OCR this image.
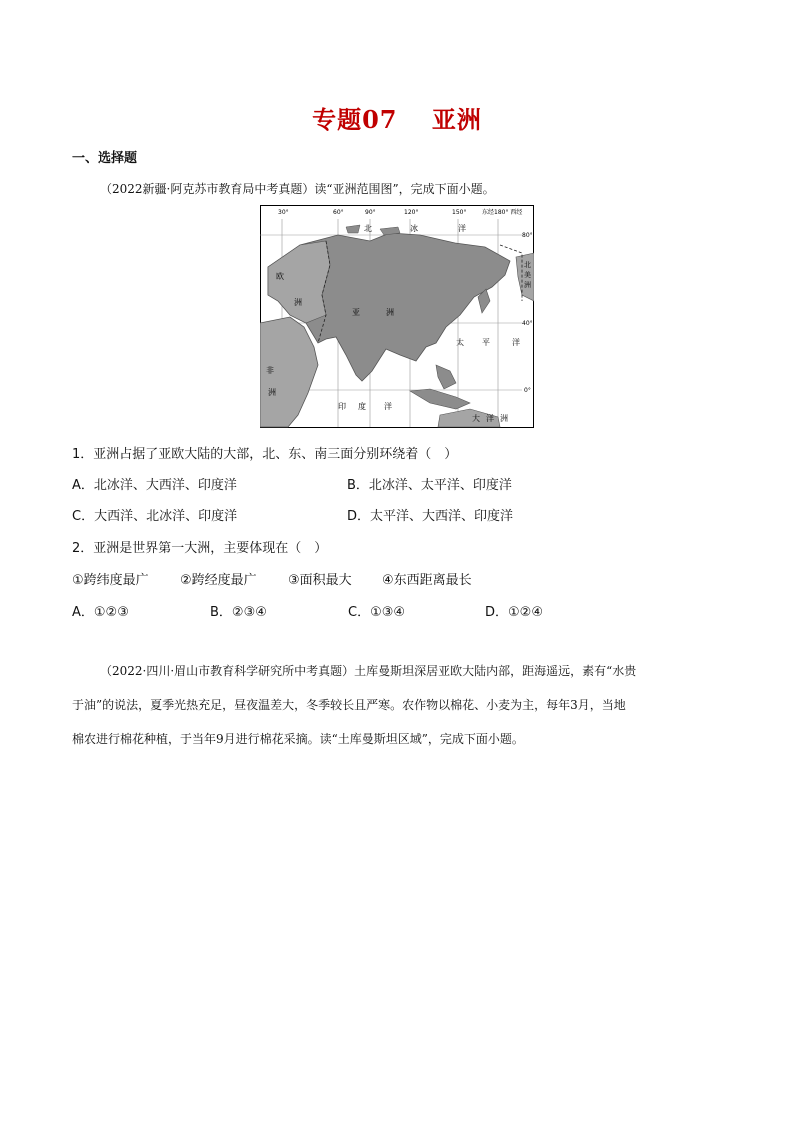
专题07　 亚洲
一、选择题
（2022新疆·阿克苏市教育局中考真题）读“亚洲范围图”，完成下面小题。
30°	60°	90°	120°	150°	东经180° 西经
80°
40°
0°
北	冰	洋
欧
洲
亚	洲
太 平	洋
非
洲
印 度 洋
大 洋 洲
北
美
洲
1．亚洲占据了亚欧大陆的大部，北、东、南三面分别环绕着（　）
A．北冰洋、大西洋、印度洋	B．北冰洋、太平洋、印度洋
C．大西洋、北冰洋、印度洋	D．太平洋、大西洋、印度洋
2．亚洲是世界第一大洲，主要体现在（　）
①跨纬度最广 ②跨经度最广 ③面积最大 ④东西距离最长
A．①②③	B．②③④	C．①③④	D．①②④
（2022·四川·眉山市教育科学研究所中考真题）土库曼斯坦深居亚欧大陆内部，距海遥远，素有“水贵
于油”的说法，夏季光热充足，昼夜温差大，冬季较长且严寒。农作物以棉花、小麦为主，每年3月，当地
棉农进行棉花种植，于当年9月进行棉花采摘。读“土库曼斯坦区域”，完成下面小题。
